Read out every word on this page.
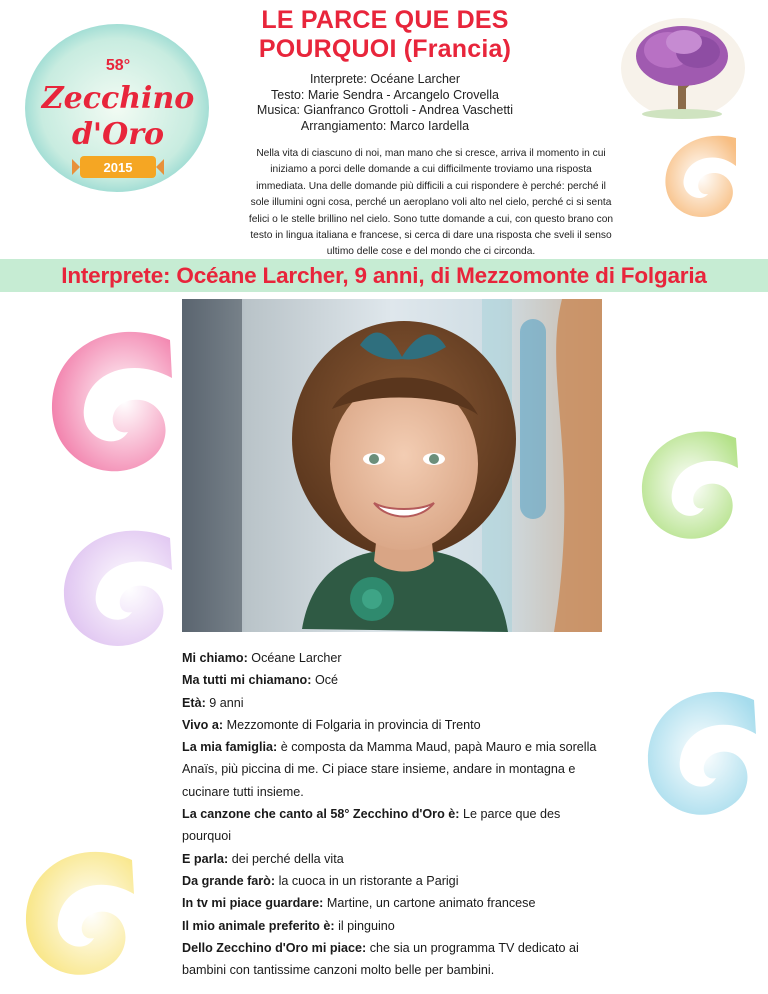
58°
Zecchino
d'Oro
2015
LE PARCE QUE DES
POURQUOI (Francia)
Interprete: Océane Larcher
Testo: Marie Sendra - Arcangelo Crovella
Musica: Gianfranco Grottoli - Andrea Vaschetti
Arrangiamento: Marco Iardella
Nella vita di ciascuno di noi, man mano che si cresce, arriva il momento in cui iniziamo a porci delle domande a cui difficilmente troviamo una risposta immediata. Una delle domande più difficili a cui rispondere è perché: perché il sole illumini ogni cosa, perché un aeroplano voli alto nel cielo, perché ci si senta felici o le stelle brillino nel cielo. Sono tutte domande a cui, con questo brano con testo in lingua italiana e francese, si cerca di dare una risposta che sveli il senso ultimo delle cose e del mondo che ci circonda.
Interprete: Océane Larcher, 9 anni, di Mezzomonte di Folgaria

Mi chiamo: Océane Larcher

Ma tutti mi chiamano: Océ

Età: 9 anni

Vivo a: Mezzomonte di Folgaria in provincia di Trento

La mia famiglia: è composta da Mamma Maud, papà Mauro e mia sorella Anaïs, più piccina di me. Ci piace stare insieme, andare in montagna e cucinare tutti insieme.

La canzone che canto al 58° Zecchino d'Oro è: Le parce que des pourquoi

E parla: dei perché della vita

Da grande farò: la cuoca in un ristorante a Parigi

In tv mi piace guardare: Martine, un cartone animato francese

Il mio animale preferito è: il pinguino

Dello Zecchino d'Oro mi piace: che sia un programma TV dedicato ai bambini con tantissime canzoni molto belle per bambini.
